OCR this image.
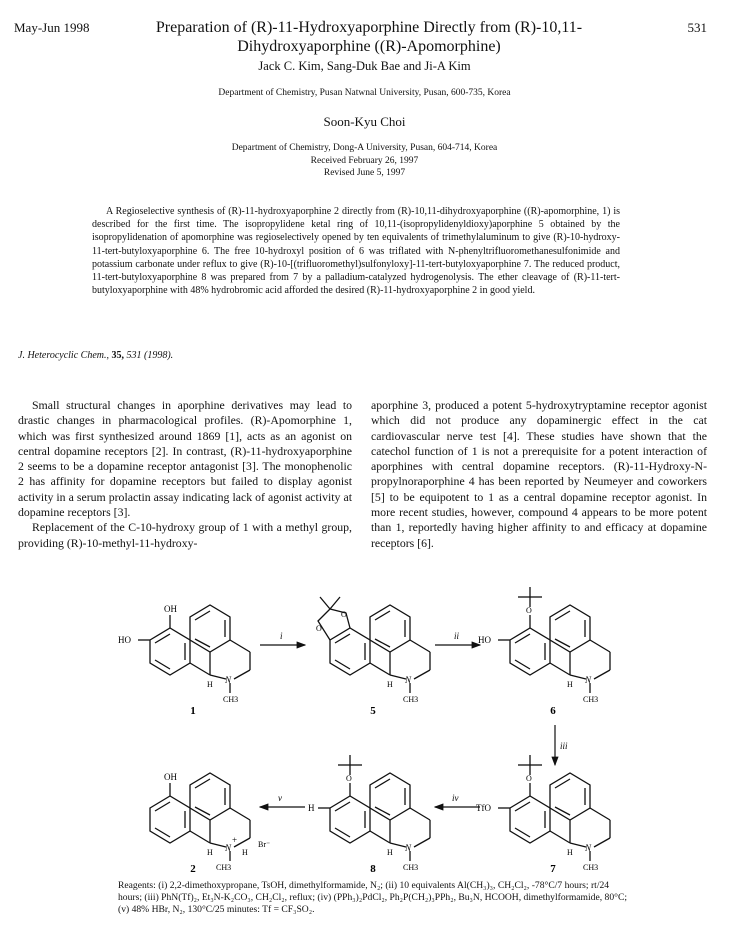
May-Jun 1998	531
Preparation of (R)-11-Hydroxyaporphine Directly from (R)-10,11-Dihydroxyaporphine ((R)-Apomorphine)
Jack C. Kim, Sang-Duk Bae and Ji-A Kim
Department of Chemistry, Pusan Natwnal University, Pusan, 600-735, Korea
Soon-Kyu Choi
Department of Chemistry, Dong-A University, Pusan, 604-714, Korea
Received February 26, 1997
Revised June 5, 1997
A Regioselective synthesis of (R)-11-hydroxyaporphine 2 directly from (R)-10,11-dihydroxyaporphine ((R)-apomorphine, 1) is described for the first time. The isopropylidene ketal ring of 10,11-(isopropylidenyldioxy)aporphine 5 obtained by the isopropylidenation of apomorphine was regioselectively opened by ten equivalents of trimethylaluminum to give (R)-10-hydroxy-11-tert-butyloxyaporphine 6. The free 10-hydroxyl position of 6 was triflated with N-phenyltrifluoromethanesulfonimide and potassium carbonate under reflux to give (R)-10-[(trifluoromethyl)sulfonyloxy]-11-tert-butyloxyaporphine 7. The reduced product, 11-tert-butyloxyaporphine 8 was prepared from 7 by a palladium-catalyzed hydrogenolysis. The ether cleavage of (R)-11-tert-butyloxyaporphine with 48% hydrobromic acid afforded the desired (R)-11-hydroxyaporphine 2 in good yield.
J. Heterocyclic Chem., 35, 531 (1998).

Small structural changes in aporphine derivatives may lead to drastic changes in pharmacological profiles. (R)-Apomorphine 1, which was first synthesized around 1869 [1], acts as an agonist on central dopamine receptors [2]. In contrast, (R)-11-hydroxyaporphine 2 seems to be a dopamine receptor antagonist [3]. The monophenolic 2 has affinity for dopamine receptors but failed to display agonist activity in a serum prolactin assay indicating lack of agonist activity at dopamine receptors [3].

Replacement of the C-10-hydroxy group of 1 with a methyl group, providing (R)-10-methyl-11-hydroxy-

aporphine 3, produced a potent 5-hydroxytryptamine receptor agonist which did not produce any dopaminergic effect in the cat cardiovascular nerve test [4]. These studies have shown that the catechol function of 1 is not a prerequisite for a potent interaction of aporphines with central dopamine receptors. (R)-11-Hydroxy-N-propylnoraporphine 4 has been reported by Neumeyer and coworkers [5] to be equipotent to 1 as a central dopamine receptor agonist. In more recent studies, however, compound 4 appears to be more potent than 1, reportedly having higher affinity to and efficacy at dopamine receptors [6].

OH
HO
N
H
CH3
1
i
O
O
N
H
CH3
5
ii
O
HO
N
H
CH3
6
iii
O
TfO
N
H
CH3
7
iv
O
H
N
H
CH3
8
v
OH
N
+
H
Br⁻
H
CH3
2
Reagents: (i) 2,2-dimethoxypropane, TsOH, dimethylformamide, N₂; (ii) 10 equivalents Al(CH₃)₃, CH₂Cl₂, -78°C/7 hours; rt/24 hours; (iii) PhN(Tf)₂, Et₃N-K₂CO₃, CH₂Cl₂, reflux; (iv) (PPh₃)₂PdCl₂, Ph₂P(CH₂)₃PPh₂, Bu₃N, HCOOH, dimethylformamide, 80°C; (v) 48% HBr, N₂, 130°C/25 minutes: Tf = CF₃SO₂.
